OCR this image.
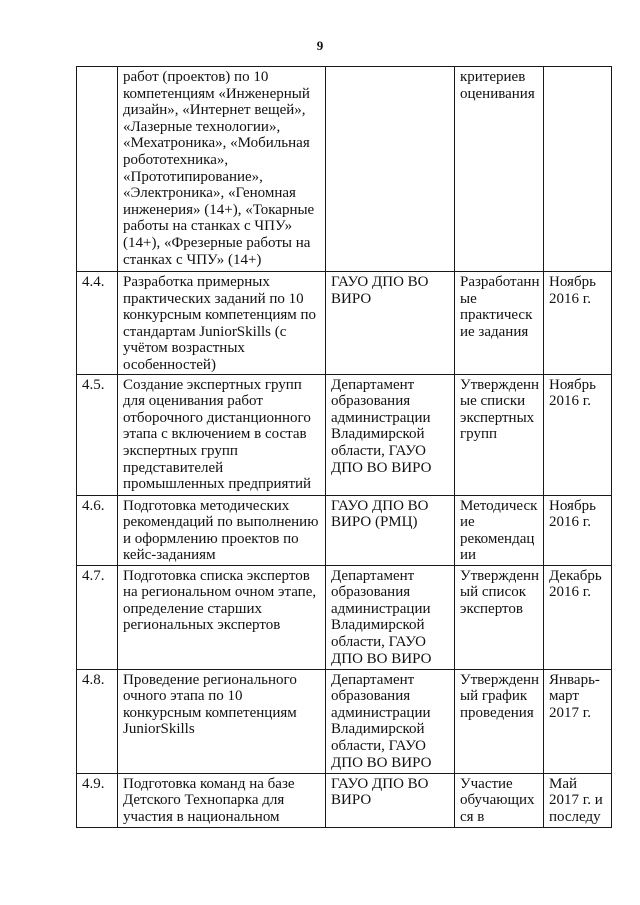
9
	работ (проектов) по 10 компетенциям «Инженерный дизайн», «Интернет вещей», «Лазерные технологии», «Мехатроника», «Мобильная робототехника», «Прототипирование», «Электроника», «Геномная инженерия» (14+), «Токарные работы на станках с ЧПУ» (14+), «Фрезерные работы на станках с ЧПУ» (14+)		критериев оценивания	
4.4.	Разработка примерных практических заданий по 10 конкурсным компетенциям по стандартам JuniorSkills (с учётом возрастных особенностей)	ГАУО ДПО ВО ВИРО	Разработанн ые практическ ие задания	Ноябрь 2016 г.
4.5.	Создание экспертных групп для оценивания работ отборочного дистанционного этапа с включением в состав экспертных групп представителей промышленных предприятий	Департамент образования администрации Владимирской области, ГАУО ДПО ВО ВИРО	Утвержденн ые списки экспертных групп	Ноябрь 2016 г.
4.6.	Подготовка методических рекомендаций по выполнению и оформлению проектов по кейс-заданиям	ГАУО ДПО ВО ВИРО (РМЦ)	Методическ ие рекомендац ии	Ноябрь 2016 г.
4.7.	Подготовка списка экспертов на региональном очном этапе, определение старших региональных экспертов	Департамент образования администрации Владимирской области, ГАУО ДПО ВО ВИРО	Утвержденн ый список экспертов	Декабрь 2016 г.
4.8.	Проведение регионального очного этапа по 10 конкурсным компетенциям JuniorSkills	Департамент образования администрации Владимирской области, ГАУО ДПО ВО ВИРО	Утвержденн ый график проведения	Январь- март 2017 г.
4.9.	Подготовка команд на базе Детского Технопарка для участия в национальном	ГАУО ДПО ВО ВИРО	Участие обучающих ся в	Май 2017 г. и последу
